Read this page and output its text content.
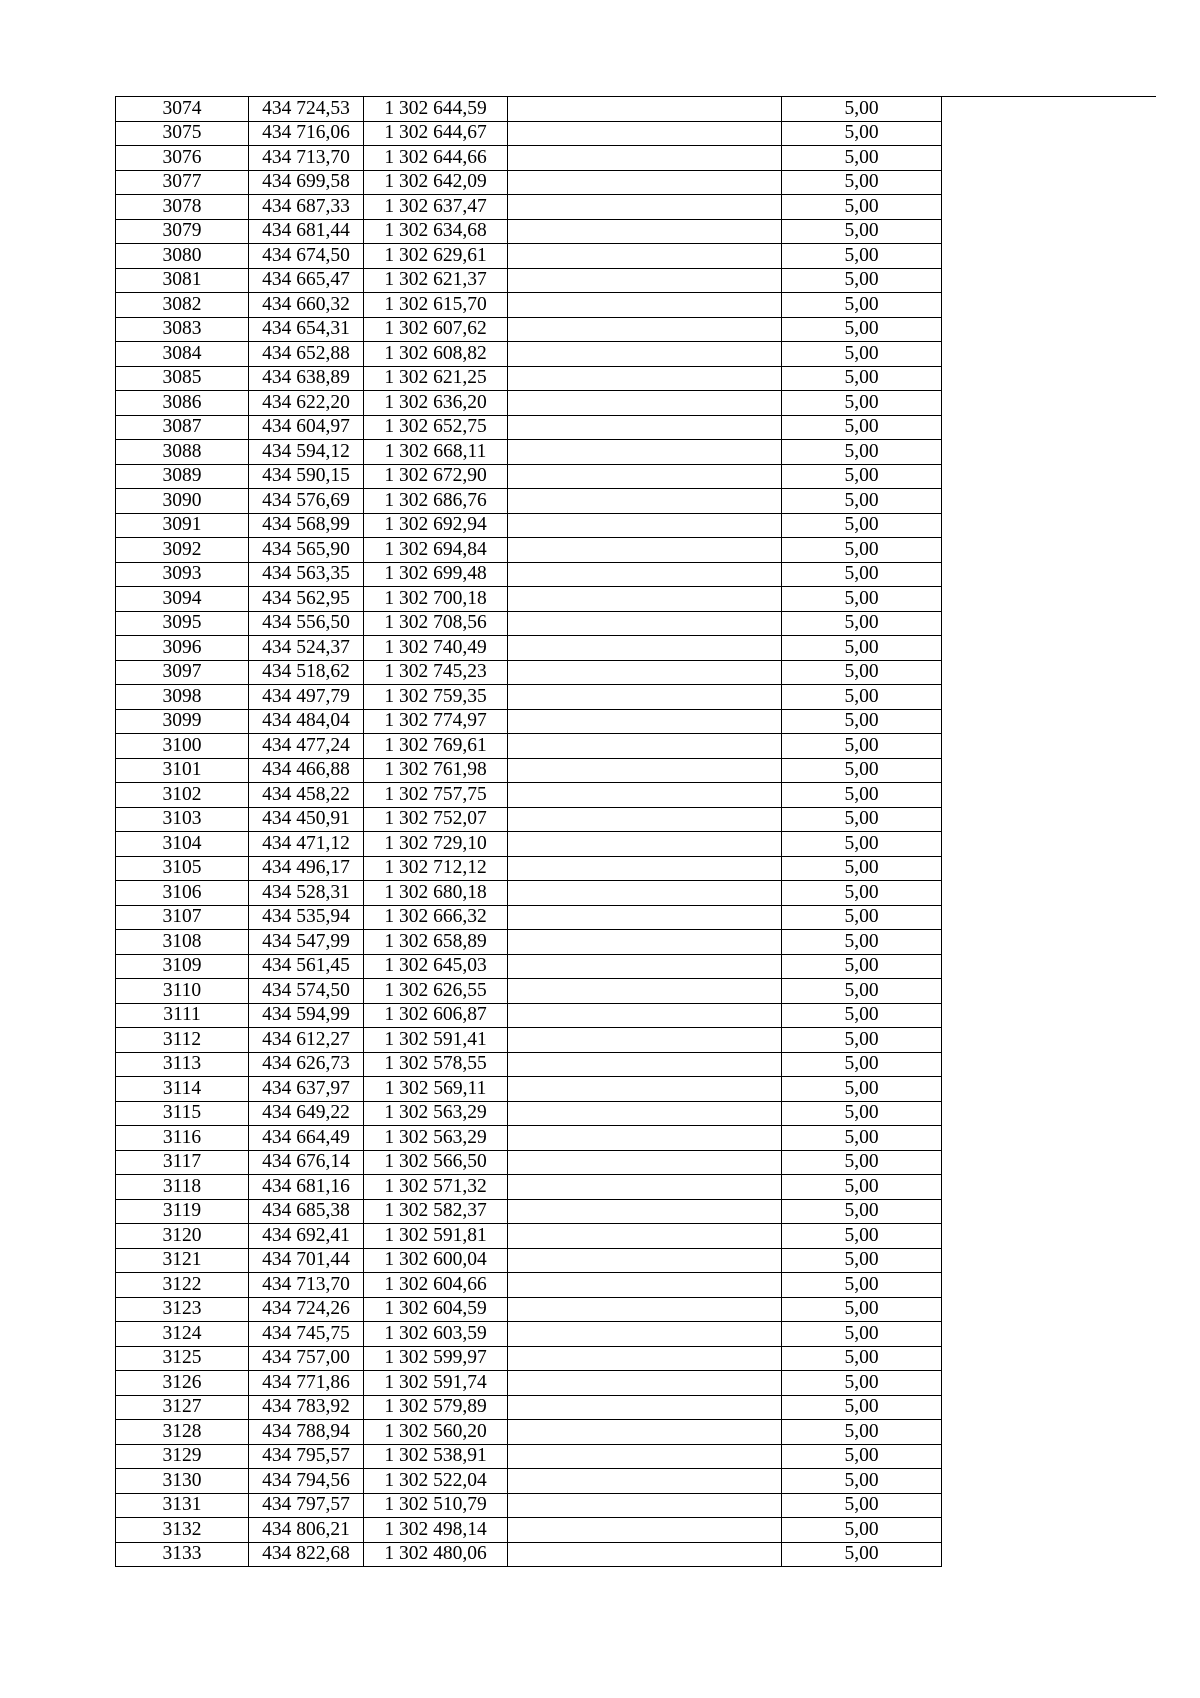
3074	434 724,53	1 302 644,59		5,00	
3075	434 716,06	1 302 644,67		5,00	
3076	434 713,70	1 302 644,66		5,00	
3077	434 699,58	1 302 642,09		5,00	
3078	434 687,33	1 302 637,47		5,00	
3079	434 681,44	1 302 634,68		5,00	
3080	434 674,50	1 302 629,61		5,00	
3081	434 665,47	1 302 621,37		5,00	
3082	434 660,32	1 302 615,70		5,00	
3083	434 654,31	1 302 607,62		5,00	
3084	434 652,88	1 302 608,82		5,00	
3085	434 638,89	1 302 621,25		5,00	
3086	434 622,20	1 302 636,20		5,00	
3087	434 604,97	1 302 652,75		5,00	
3088	434 594,12	1 302 668,11		5,00	
3089	434 590,15	1 302 672,90		5,00	
3090	434 576,69	1 302 686,76		5,00	
3091	434 568,99	1 302 692,94		5,00	
3092	434 565,90	1 302 694,84		5,00	
3093	434 563,35	1 302 699,48		5,00	
3094	434 562,95	1 302 700,18		5,00	
3095	434 556,50	1 302 708,56		5,00	
3096	434 524,37	1 302 740,49		5,00	
3097	434 518,62	1 302 745,23		5,00	
3098	434 497,79	1 302 759,35		5,00	
3099	434 484,04	1 302 774,97		5,00	
3100	434 477,24	1 302 769,61		5,00	
3101	434 466,88	1 302 761,98		5,00	
3102	434 458,22	1 302 757,75		5,00	
3103	434 450,91	1 302 752,07		5,00	
3104	434 471,12	1 302 729,10		5,00	
3105	434 496,17	1 302 712,12		5,00	
3106	434 528,31	1 302 680,18		5,00	
3107	434 535,94	1 302 666,32		5,00	
3108	434 547,99	1 302 658,89		5,00	
3109	434 561,45	1 302 645,03		5,00	
3110	434 574,50	1 302 626,55		5,00	
3111	434 594,99	1 302 606,87		5,00	
3112	434 612,27	1 302 591,41		5,00	
3113	434 626,73	1 302 578,55		5,00	
3114	434 637,97	1 302 569,11		5,00	
3115	434 649,22	1 302 563,29		5,00	
3116	434 664,49	1 302 563,29		5,00	
3117	434 676,14	1 302 566,50		5,00	
3118	434 681,16	1 302 571,32		5,00	
3119	434 685,38	1 302 582,37		5,00	
3120	434 692,41	1 302 591,81		5,00	
3121	434 701,44	1 302 600,04		5,00	
3122	434 713,70	1 302 604,66		5,00	
3123	434 724,26	1 302 604,59		5,00	
3124	434 745,75	1 302 603,59		5,00	
3125	434 757,00	1 302 599,97		5,00	
3126	434 771,86	1 302 591,74		5,00	
3127	434 783,92	1 302 579,89		5,00	
3128	434 788,94	1 302 560,20		5,00	
3129	434 795,57	1 302 538,91		5,00	
3130	434 794,56	1 302 522,04		5,00	
3131	434 797,57	1 302 510,79		5,00	
3132	434 806,21	1 302 498,14		5,00	
3133	434 822,68	1 302 480,06		5,00	
